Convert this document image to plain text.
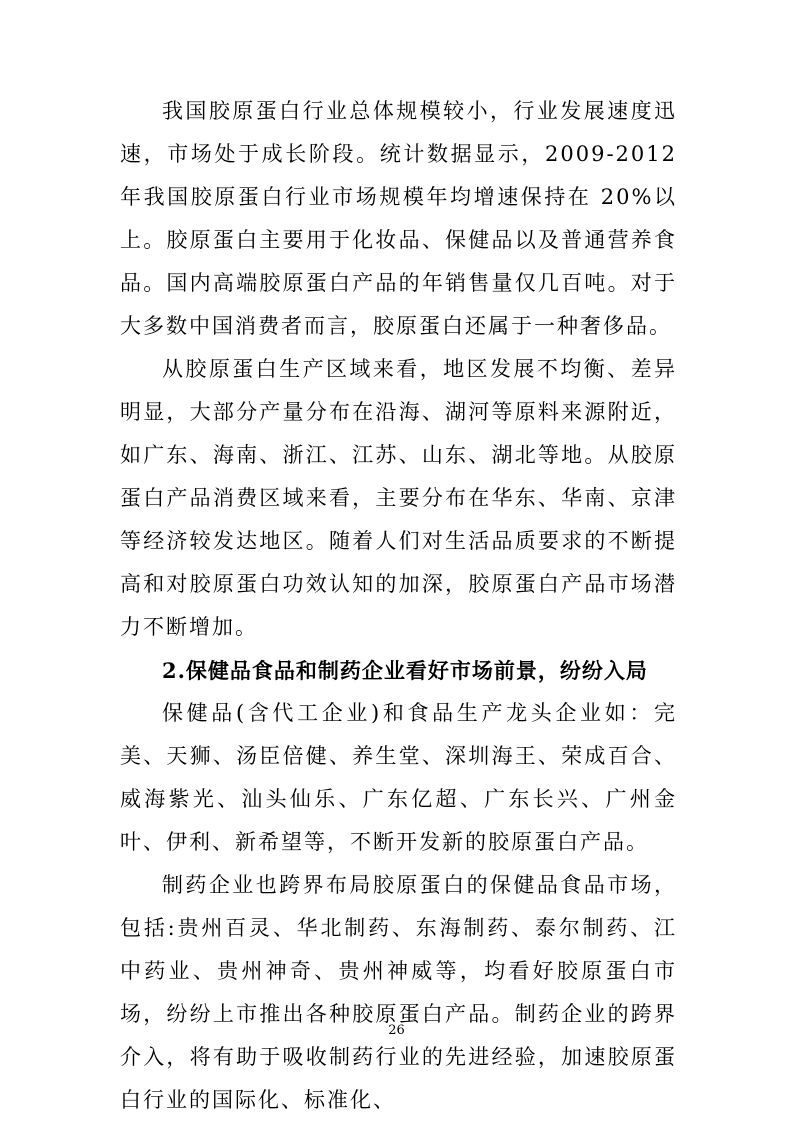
我国胶原蛋白行业总体规模较小，行业发展速度迅速，市场处于成长阶段。统计数据显示，2009-2012 年我国胶原蛋白行业市场规模年均增速保持在 20%以上。胶原蛋白主要用于化妆品、保健品以及普通营养食品。国内高端胶原蛋白产品的年销售量仅几百吨。对于大多数中国消费者而言，胶原蛋白还属于一种奢侈品。

从胶原蛋白生产区域来看，地区发展不均衡、差异明显，大部分产量分布在沿海、湖河等原料来源附近，如广东、海南、浙江、江苏、山东、湖北等地。从胶原蛋白产品消费区域来看，主要分布在华东、华南、京津等经济较发达地区。随着人们对生活品质要求的不断提高和对胶原蛋白功效认知的加深，胶原蛋白产品市场潜力不断增加。

2.保健品食品和制药企业看好市场前景，纷纷入局

保健品(含代工企业)和食品生产龙头企业如：完美、天狮、汤臣倍健、养生堂、深圳海王、荣成百合、威海紫光、汕头仙乐、广东亿超、广东长兴、广州金叶、伊利、新希望等，不断开发新的胶原蛋白产品。

制药企业也跨界布局胶原蛋白的保健品食品市场，包括:贵州百灵、华北制药、东海制药、泰尔制药、江中药业、贵州神奇、贵州神威等，均看好胶原蛋白市场，纷纷上市推出各种胶原蛋白产品。制药企业的跨界介入，将有助于吸收制药行业的先进经验，加速胶原蛋白行业的国际化、标准化、

26
